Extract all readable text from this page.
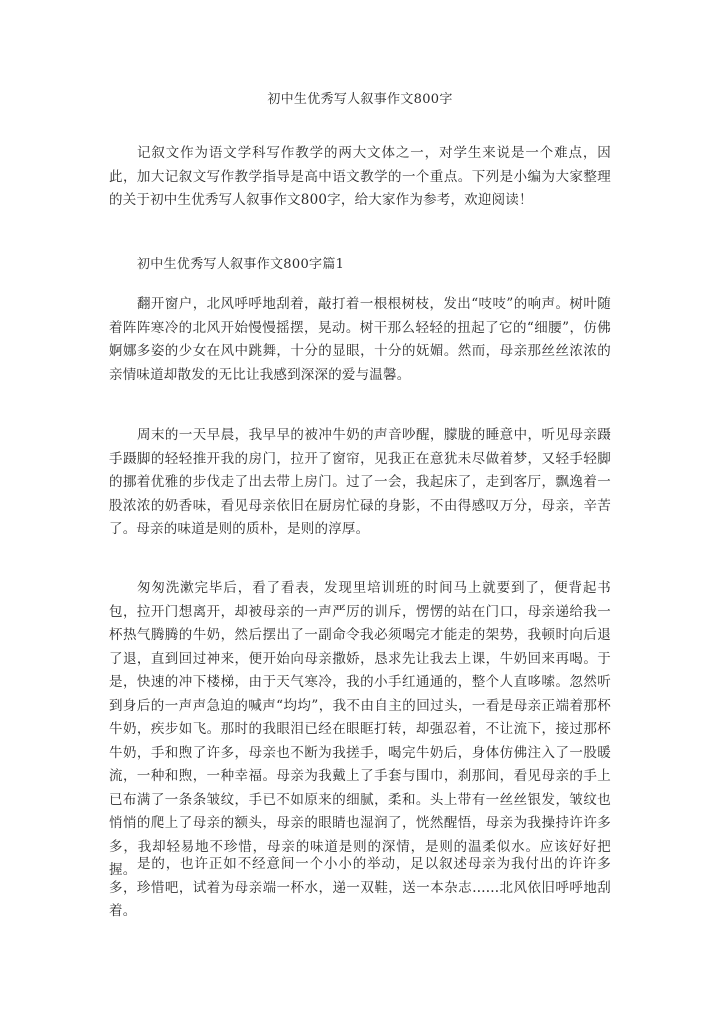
初中生优秀写人叙事作文800字

记叙文作为语文学科写作教学的两大文体之一，对学生来说是一个难点，因此，加大记叙文写作教学指导是高中语文教学的一个重点。下列是小编为大家整理的关于初中生优秀写人叙事作文800字，给大家作为参考，欢迎阅读！

初中生优秀写人叙事作文800字篇1

翻开窗户，北风呼呼地刮着，敲打着一根根树枝，发出“吱吱”的响声。树叶随着阵阵寒冷的北风开始慢慢摇摆，晃动。树干那么轻轻的扭起了它的“细腰”，仿佛婀娜多姿的少女在风中跳舞，十分的显眼，十分的妩媚。然而，母亲那丝丝浓浓的亲情味道却散发的无比让我感到深深的爱与温馨。

周末的一天早晨，我早早的被冲牛奶的声音吵醒，朦胧的睡意中，听见母亲蹑手蹑脚的轻轻推开我的房门，拉开了窗帘，见我正在意犹未尽做着梦，又轻手轻脚的挪着优雅的步伐走了出去带上房门。过了一会，我起床了，走到客厅，飘逸着一股浓浓的奶香味，看见母亲依旧在厨房忙碌的身影，不由得感叹万分，母亲，辛苦了。母亲的味道是则的质朴，是则的淳厚。

匆匆洗漱完毕后，看了看表，发现里培训班的时间马上就要到了，便背起书包，拉开门想离开，却被母亲的一声严厉的训斥，愣愣的站在门口，母亲递给我一杯热气腾腾的牛奶，然后摆出了一副命令我必须喝完才能走的架势，我顿时向后退了退，直到回过神来，便开始向母亲撒娇，恳求先让我去上课，牛奶回来再喝。于是，快速的冲下楼梯，由于天气寒冷，我的小手红通通的，整个人直哆嗦。忽然听到身后的一声声急迫的喊声“均均”，我不由自主的回过头，一看是母亲正端着那杯牛奶，疾步如飞。那时的我眼泪已经在眼眶打转，却强忍着，不让流下，接过那杯牛奶，手和煦了许多，母亲也不断为我搓手，喝完牛奶后，身体仿佛注入了一股暖流，一种和煦，一种幸福。母亲为我戴上了手套与围巾，刹那间，看见母亲的手上已布满了一条条皱纹，手已不如原来的细腻，柔和。头上带有一丝丝银发，皱纹也悄悄的爬上了母亲的额头，母亲的眼睛也湿润了，恍然醒悟，母亲为我操持许许多多，我却轻易地不珍惜，母亲的味道是则的深情，是则的温柔似水。应该好好把握。 是的，也许正如不经意间一个小小的举动，足以叙述母亲为我付出的许许多多，珍惜吧，试着为母亲端一杯水，递一双鞋，送一本杂志…...北风依旧呼呼地刮着。
